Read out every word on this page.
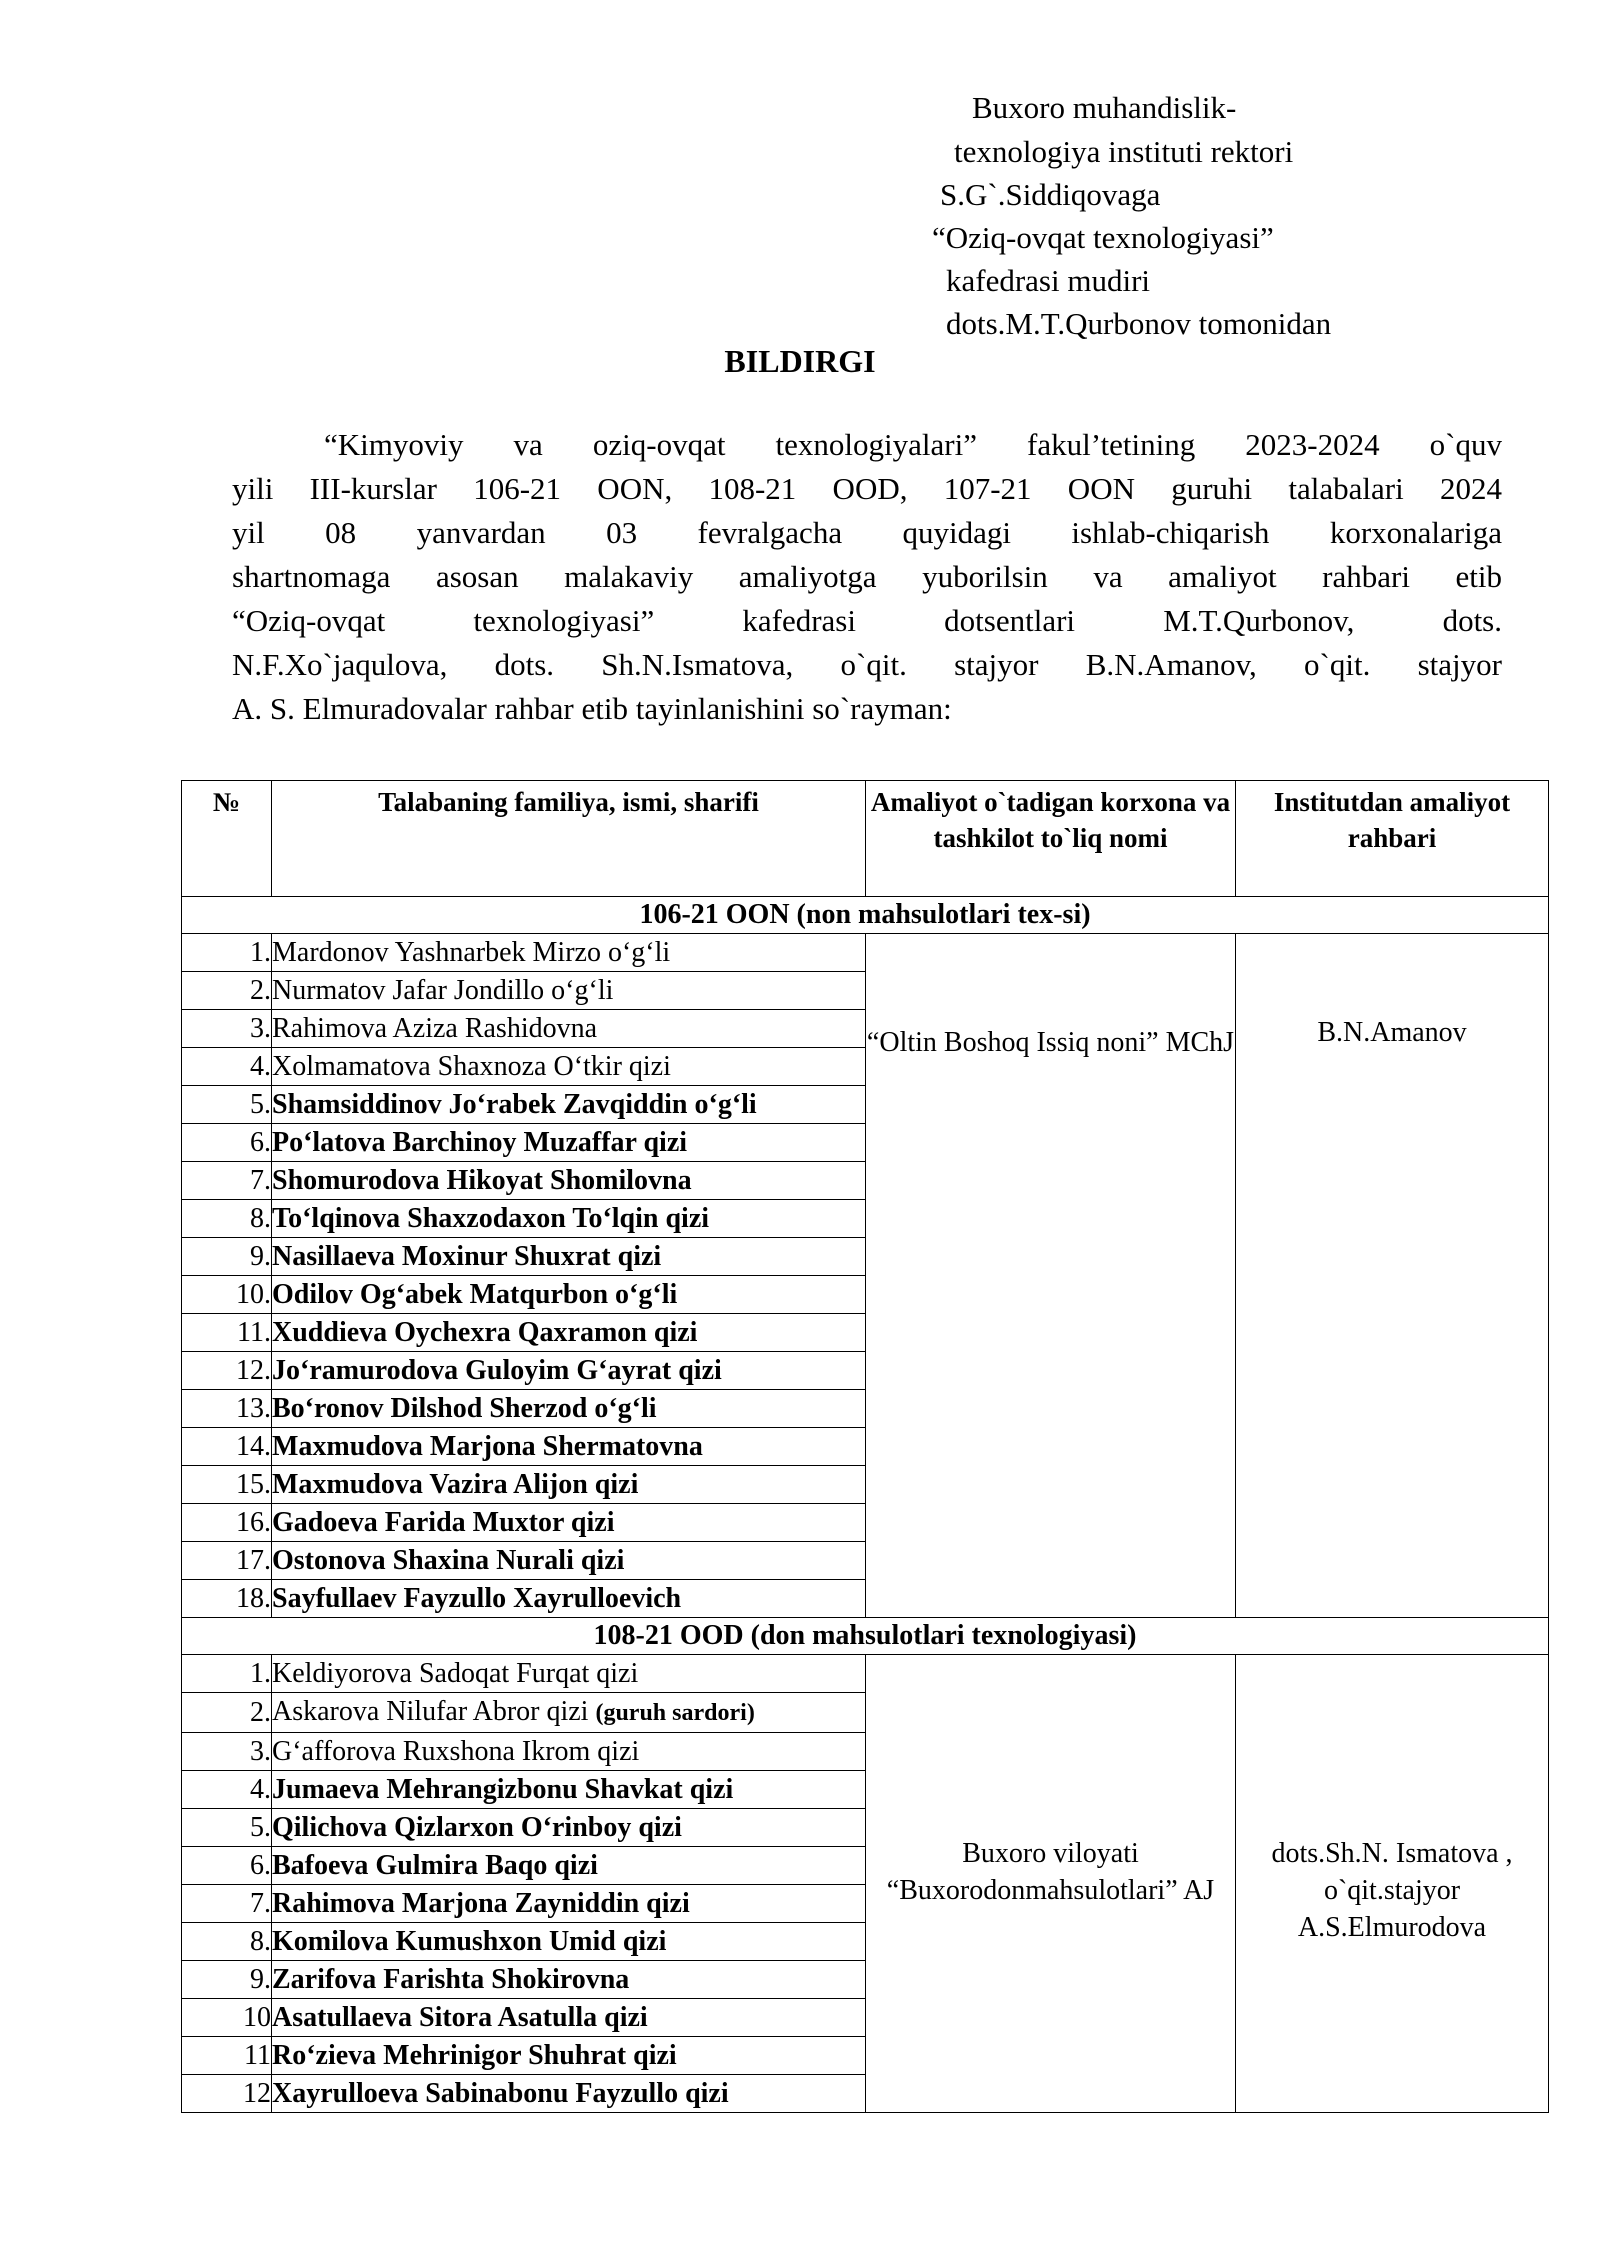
Buxoro muhandislik-
texnologiya instituti rektori
S.G`.Siddiqovaga
“Oziq-ovqat texnologiyasi”
kafedrasi mudiri
dots.M.T.Qurbonov tomonidan
BILDIRGI
“Kimyoviy va oziq-ovqat texnologiyalari” fakul’tetining 2023-2024 o`quv
yili III-kurslar 106-21 OON, 108-21 OOD, 107-21 OON guruhi talabalari 2024
yil 08 yanvardan 03 fevralgacha quyidagi ishlab-chiqarish korxonalariga
shartnomaga asosan malakaviy amaliyotga yuborilsin va amaliyot rahbari etib
“Oziq-ovqat texnologiyasi” kafedrasi dotsentlari M.T.Qurbonov, dots.
N.F.Xo`jaqulova, dots. Sh.N.Ismatova, o`qit. stajyor B.N.Amanov, o`qit. stajyor
A. S. Elmuradovalar rahbar etib tayinlanishini so`rayman:
№	Talabaning familiya, ismi, sharifi	Amaliyot o`tadigan korxona va tashkilot to`liq nomi	Institutdan amaliyot rahbari
106-21 OON (non mahsulotlari tex-si)			
1.	Mardonov Yashnarbek Mirzo o‘g‘li	“Oltin Boshoq Issiq noni” MChJ	B.N.Amanov
2.	Nurmatov Jafar Jondillo o‘g‘li		
3.	Rahimova Aziza Rashidovna		
4.	Xolmamatova Shaxnoza O‘tkir qizi		
5.	Shamsiddinov Jo‘rabek Zavqiddin o‘g‘li		
6.	Po‘latova Barchinoy Muzaffar qizi		
7.	Shomurodova Hikoyat Shomilovna		
8.	To‘lqinova Shaxzodaxon To‘lqin qizi		
9.	Nasillaeva Moxinur Shuxrat qizi		
10.	Odilov Og‘abek Matqurbon o‘g‘li		
11.	Xuddieva Oychexra Qaxramon qizi		
12.	Jo‘ramurodova Guloyim G‘ayrat qizi		
13.	Bo‘ronov Dilshod Sherzod o‘g‘li		
14.	Maxmudova Marjona Shermatovna		
15.	Maxmudova Vazira Alijon qizi		
16.	Gadoeva Farida Muxtor qizi		
17.	Ostonova Shaxina Nurali qizi		
18.	Sayfullaev Fayzullo Xayrulloevich		
108-21 OOD (don mahsulotlari texnologiyasi)			
1.	Keldiyorova Sadoqat Furqat qizi	Buxoro viloyati “Buxorodonmahsulotlari” AJ	dots.Sh.N. Ismatova , o`qit.stajyor A.S.Elmurodova
2.	Askarova Nilufar Abror qizi (guruh sardori)		
3.	G‘afforova Ruxshona Ikrom qizi		
4.	Jumaeva Mehrangizbonu Shavkat qizi		
5.	Qilichova Qizlarxon O‘rinboy qizi		
6.	Bafoeva Gulmira Baqo qizi		
7.	Rahimova Marjona Zayniddin qizi		
8.	Komilova Kumushxon Umid qizi		
9.	Zarifova Farishta Shokirovna		
10	Asatullaeva Sitora Asatulla qizi		
11	Ro‘zieva Mehrinigor Shuhrat qizi		
12	Xayrulloeva Sabinabonu Fayzullo qizi		
